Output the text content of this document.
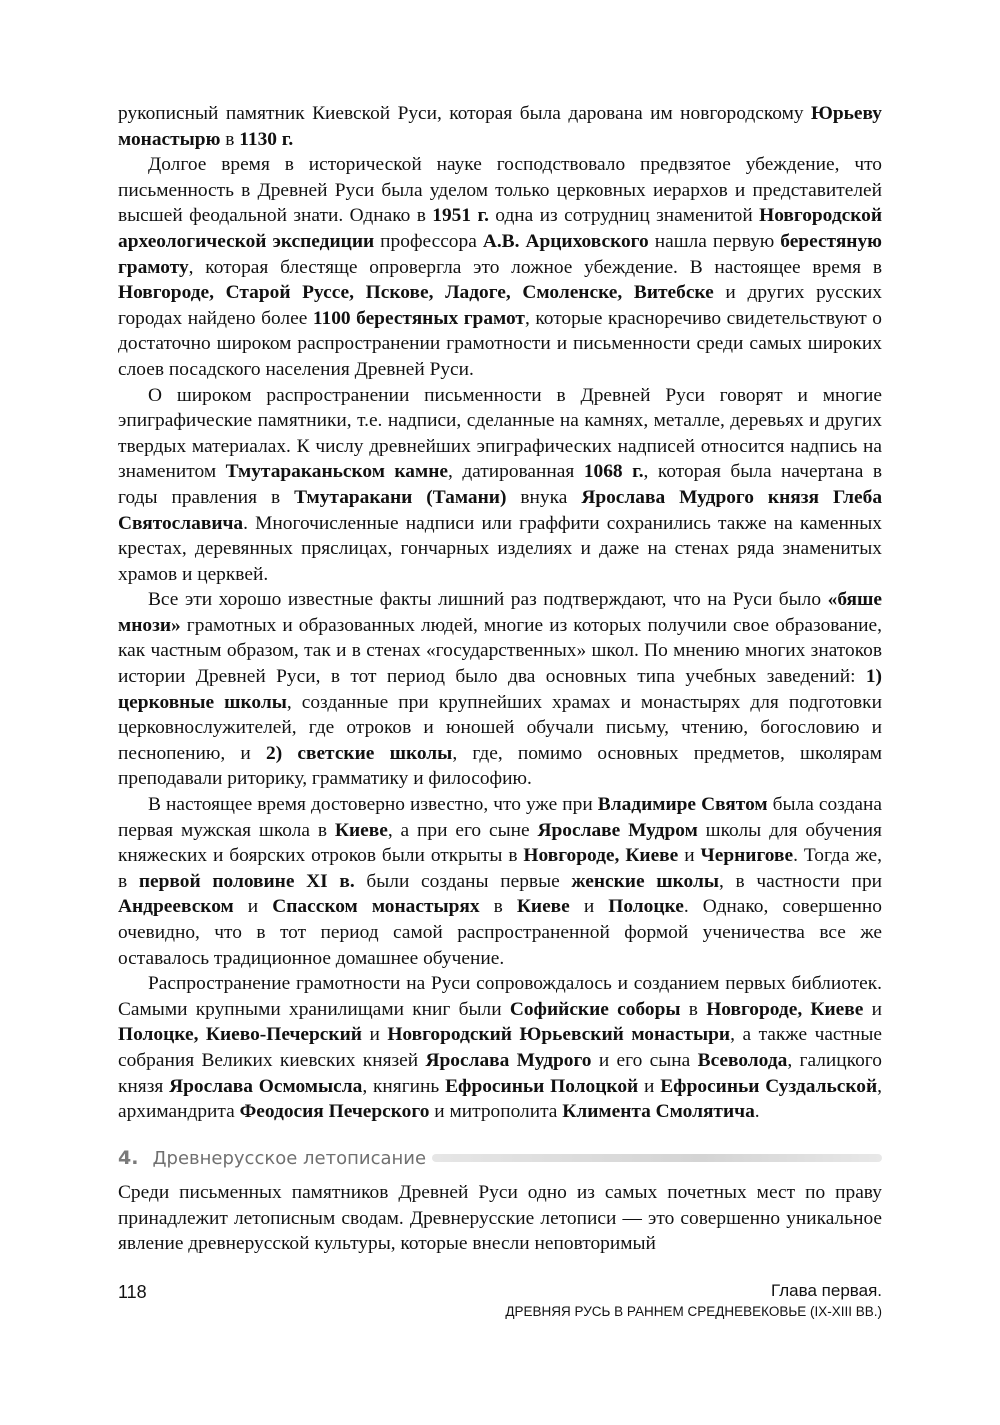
рукописный памятник Киевской Руси, которая была дарована им новгородскому Юрьеву монастырю в 1130 г.

Долгое время в исторической науке господствовало предвзятое убеждение, что письменность в Древней Руси была уделом только церковных иерархов и представителей высшей феодальной знати. Однако в 1951 г. одна из сотрудниц знаменитой Новгородской археологической экспедиции профессора А.В. Арциховского нашла первую берестяную грамоту, которая блестяще опровергла это ложное убеждение. В настоящее время в Новгороде, Старой Руссе, Пскове, Ладоге, Смоленске, Витебске и других русских городах найдено более 1100 берестяных грамот, которые красноречиво свидетельствуют о достаточно широком распространении грамотности и письменности среди самых широких слоев посадского населения Древней Руси.

О широком распространении письменности в Древней Руси говорят и многие эпиграфические памятники, т.е. надписи, сделанные на камнях, металле, деревьях и других твердых материалах. К числу древнейших эпиграфических надписей относится надпись на знаменитом Тмутараканьском камне, датированная 1068 г., которая была начертана в годы правления в Тмутаракани (Тамани) внука Ярослава Мудрого князя Глеба Святославича. Многочисленные надписи или граффити сохранились также на каменных крестах, деревянных пряслицах, гончарных изделиях и даже на стенах ряда знаменитых храмов и церквей.

Все эти хорошо известные факты лишний раз подтверждают, что на Руси было «бяше мнози» грамотных и образованных людей, многие из которых получили свое образование, как частным образом, так и в стенах «государственных» школ. По мнению многих знатоков истории Древней Руси, в тот период было два основных типа учебных заведений: 1) церковные школы, созданные при крупнейших храмах и монастырях для подготовки церковнослужителей, где отроков и юношей обучали письму, чтению, богословию и песнопению, и 2) светские школы, где, помимо основных предметов, школярам преподавали риторику, грамматику и философию.

В настоящее время достоверно известно, что уже при Владимире Святом была создана первая мужская школа в Киеве, а при его сыне Ярославе Мудром школы для обучения княжеских и боярских отроков были открыты в Новгороде, Киеве и Чернигове. Тогда же, в первой половине XI в. были созданы первые женские школы, в частности при Андреевском и Спасском монастырях в Киеве и Полоцке. Однако, совершенно очевидно, что в тот период самой распространенной формой ученичества все же оставалось традиционное домашнее обучение.

Распространение грамотности на Руси сопровождалось и созданием первых библиотек. Самыми крупными хранилищами книг были Софийские соборы в Новгороде, Киеве и Полоцке, Киево-Печерский и Новгородский Юрьевский монастыри, а также частные собрания Великих киевских князей Ярослава Мудрого и его сына Всеволода, галицкого князя Ярослава Осмомысла, княгинь Ефросиньи Полоцкой и Ефросиньи Суздальской, архимандрита Феодосия Печерского и митрополита Климента Смолятича.

4. Древнерусское летописание

Среди письменных памятников Древней Руси одно из самых почетных мест по праву принадлежит летописным сводам. Древнерусские летописи — это совершенно уникальное явление древнерусской культуры, которые внесли неповторимый

118	Глава первая.
ДРЕВНЯЯ РУСЬ В РАННЕМ СРЕДНЕВЕКОВЬЕ (IX-XIII ВВ.)
